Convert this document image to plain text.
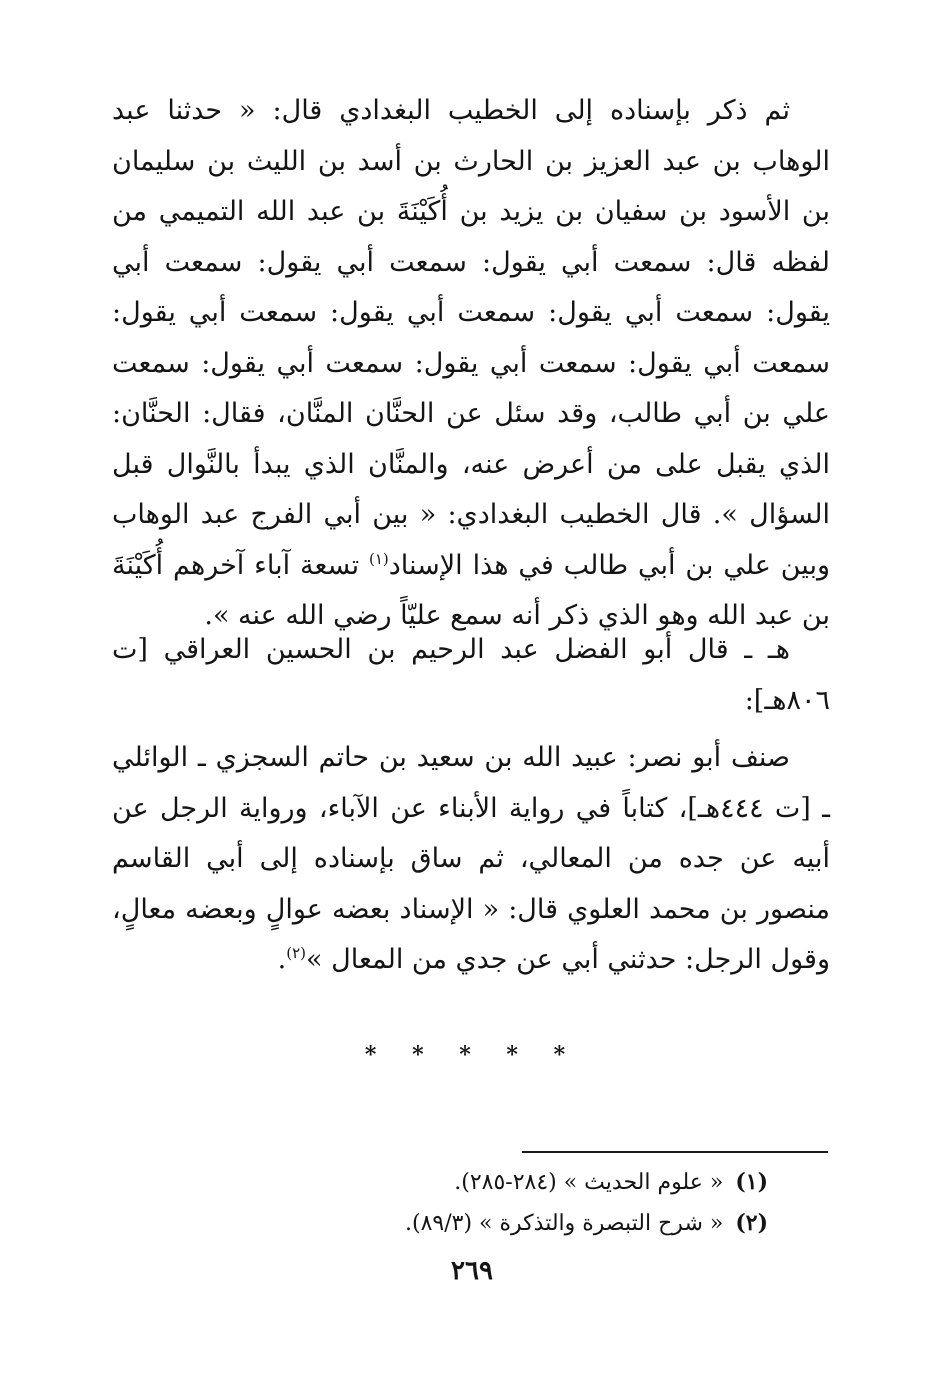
ثم ذكر بإسناده إلى الخطيب البغدادي قال: « حدثنا عبد الوهاب بن عبد العزيز بن الحارث بن أسد بن الليث بن سليمان بن الأسود بن سفيان بن يزيد بن أُكَيْنَةَ بن عبد الله التميمي من لفظه قال: سمعت أبي يقول: سمعت أبي يقول: سمعت أبي يقول: سمعت أبي يقول: سمعت أبي يقول: سمعت أبي يقول: سمعت أبي يقول: سمعت أبي يقول: سمعت أبي يقول: سمعت علي بن أبي طالب، وقد سئل عن الحنَّان المنَّان، فقال: الحنَّان: الذي يقبل على من أعرض عنه، والمنَّان الذي يبدأ بالنَّوال قبل السؤال ». قال الخطيب البغدادي: « بين أبي الفرج عبد الوهاب وبين علي بن أبي طالب في هذا الإسناد$^{(١)}$ تسعة آباء آخرهم أُكَيْنَةَ بن عبد الله وهو الذي ذكر أنه سمع عليّاً رضي الله عنه ».

هـ ـ قال أبو الفضل عبد الرحيم بن الحسين العراقي [ت ٨٠٦هـ]:

صنف أبو نصر: عبيد الله بن سعيد بن حاتم السجزي ـ الوائلي ـ [ت ٤٤٤هـ]، كتاباً في رواية الأبناء عن الآباء، ورواية الرجل عن أبيه عن جده من المعالي، ثم ساق بإسناده إلى أبي القاسم منصور بن محمد العلوي قال: « الإسناد بعضه عوالٍ وبعضه معالٍ، وقول الرجل: حدثني أبي عن جدي من المعال »$^{(٢)}$.

* * * * *
(١)« علوم الحديث » (٢٨٤-٢٨٥).
(٢)« شرح التبصرة والتذكرة » (٨٩/٣).
٢٦٩
